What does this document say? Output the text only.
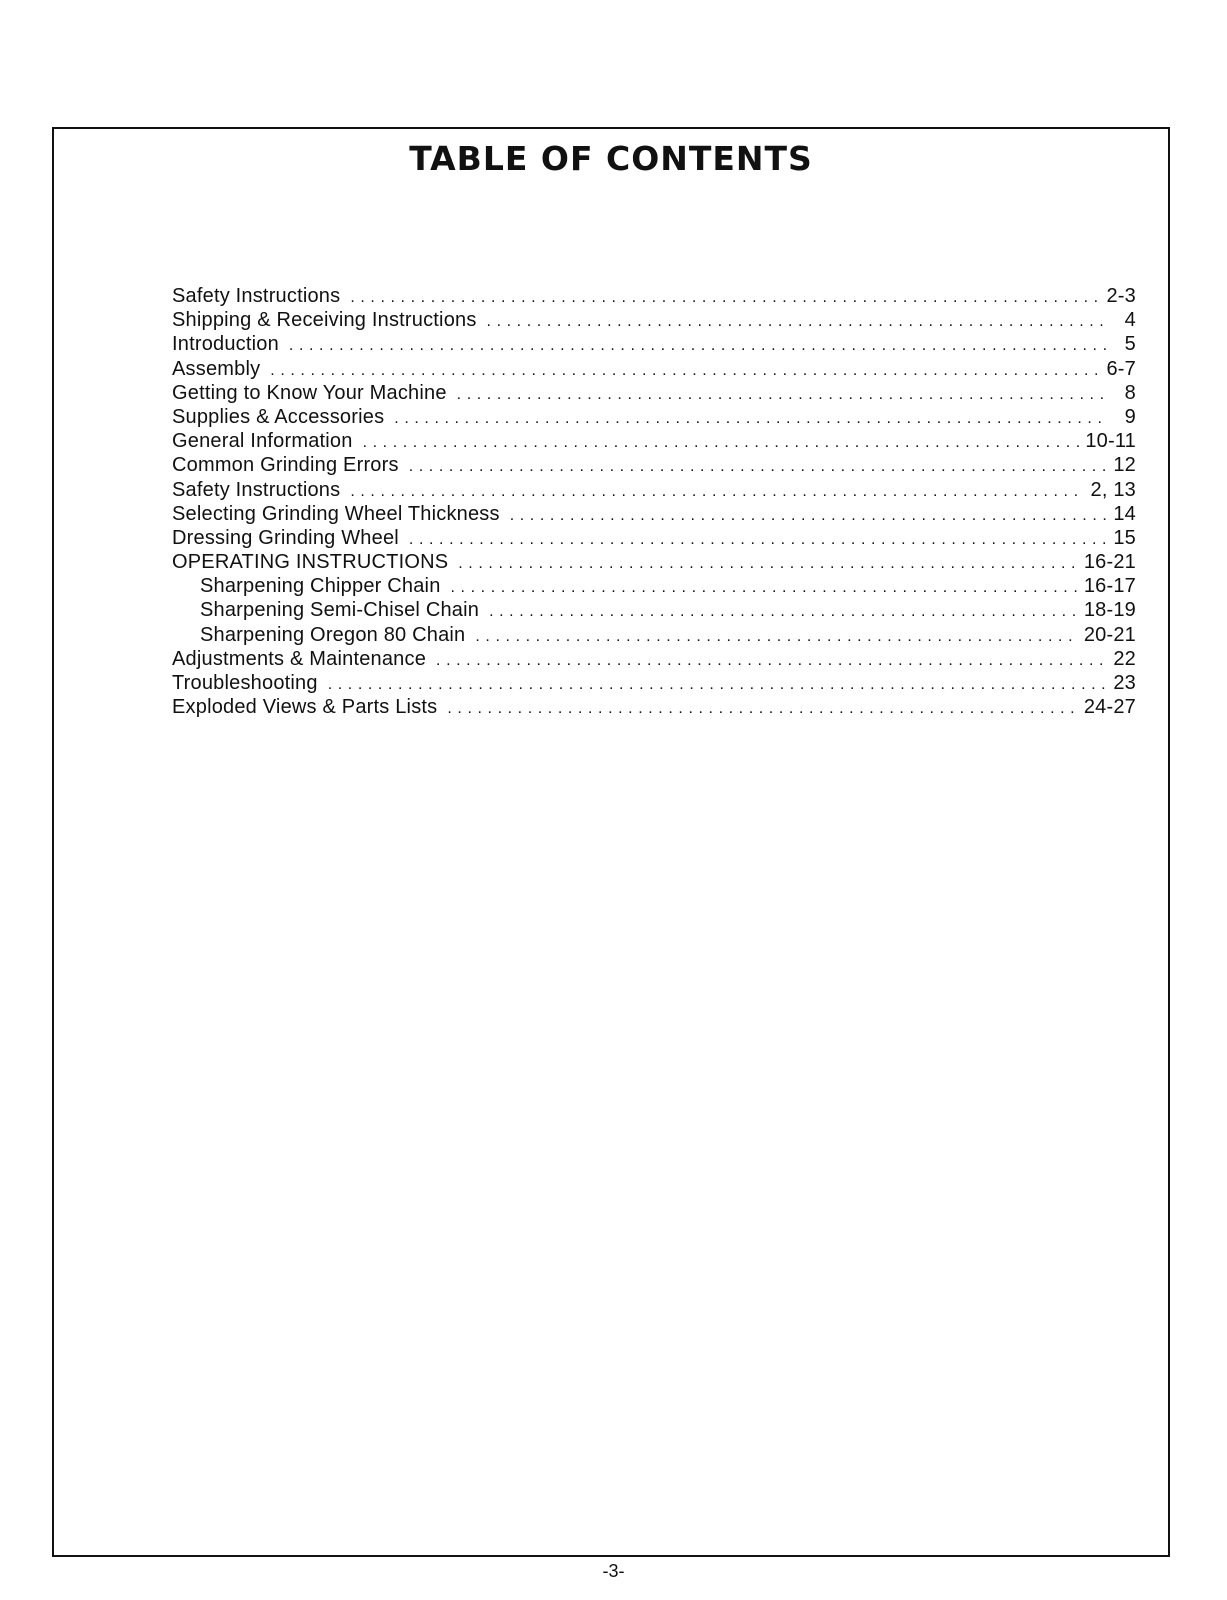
TABLE OF CONTENTS
Safety Instructions .....	2-3
Shipping & Receiving Instructions .....	4
Introduction .....	5
Assembly .....	6-7
Getting to Know Your Machine .....	8
Supplies & Accessories .....	9
General Information .....	10-11
Common Grinding Errors .....	12
Safety Instructions .....	2, 13
Selecting Grinding Wheel Thickness .....	14
Dressing Grinding Wheel .....	15
OPERATING INSTRUCTIONS .....	16-21
Sharpening Chipper Chain .....	16-17
Sharpening Semi-Chisel Chain .....	18-19
Sharpening Oregon 80 Chain .....	20-21
Adjustments & Maintenance .....	22
Troubleshooting .....	23
Exploded Views & Parts Lists .....	24-27
-3-
